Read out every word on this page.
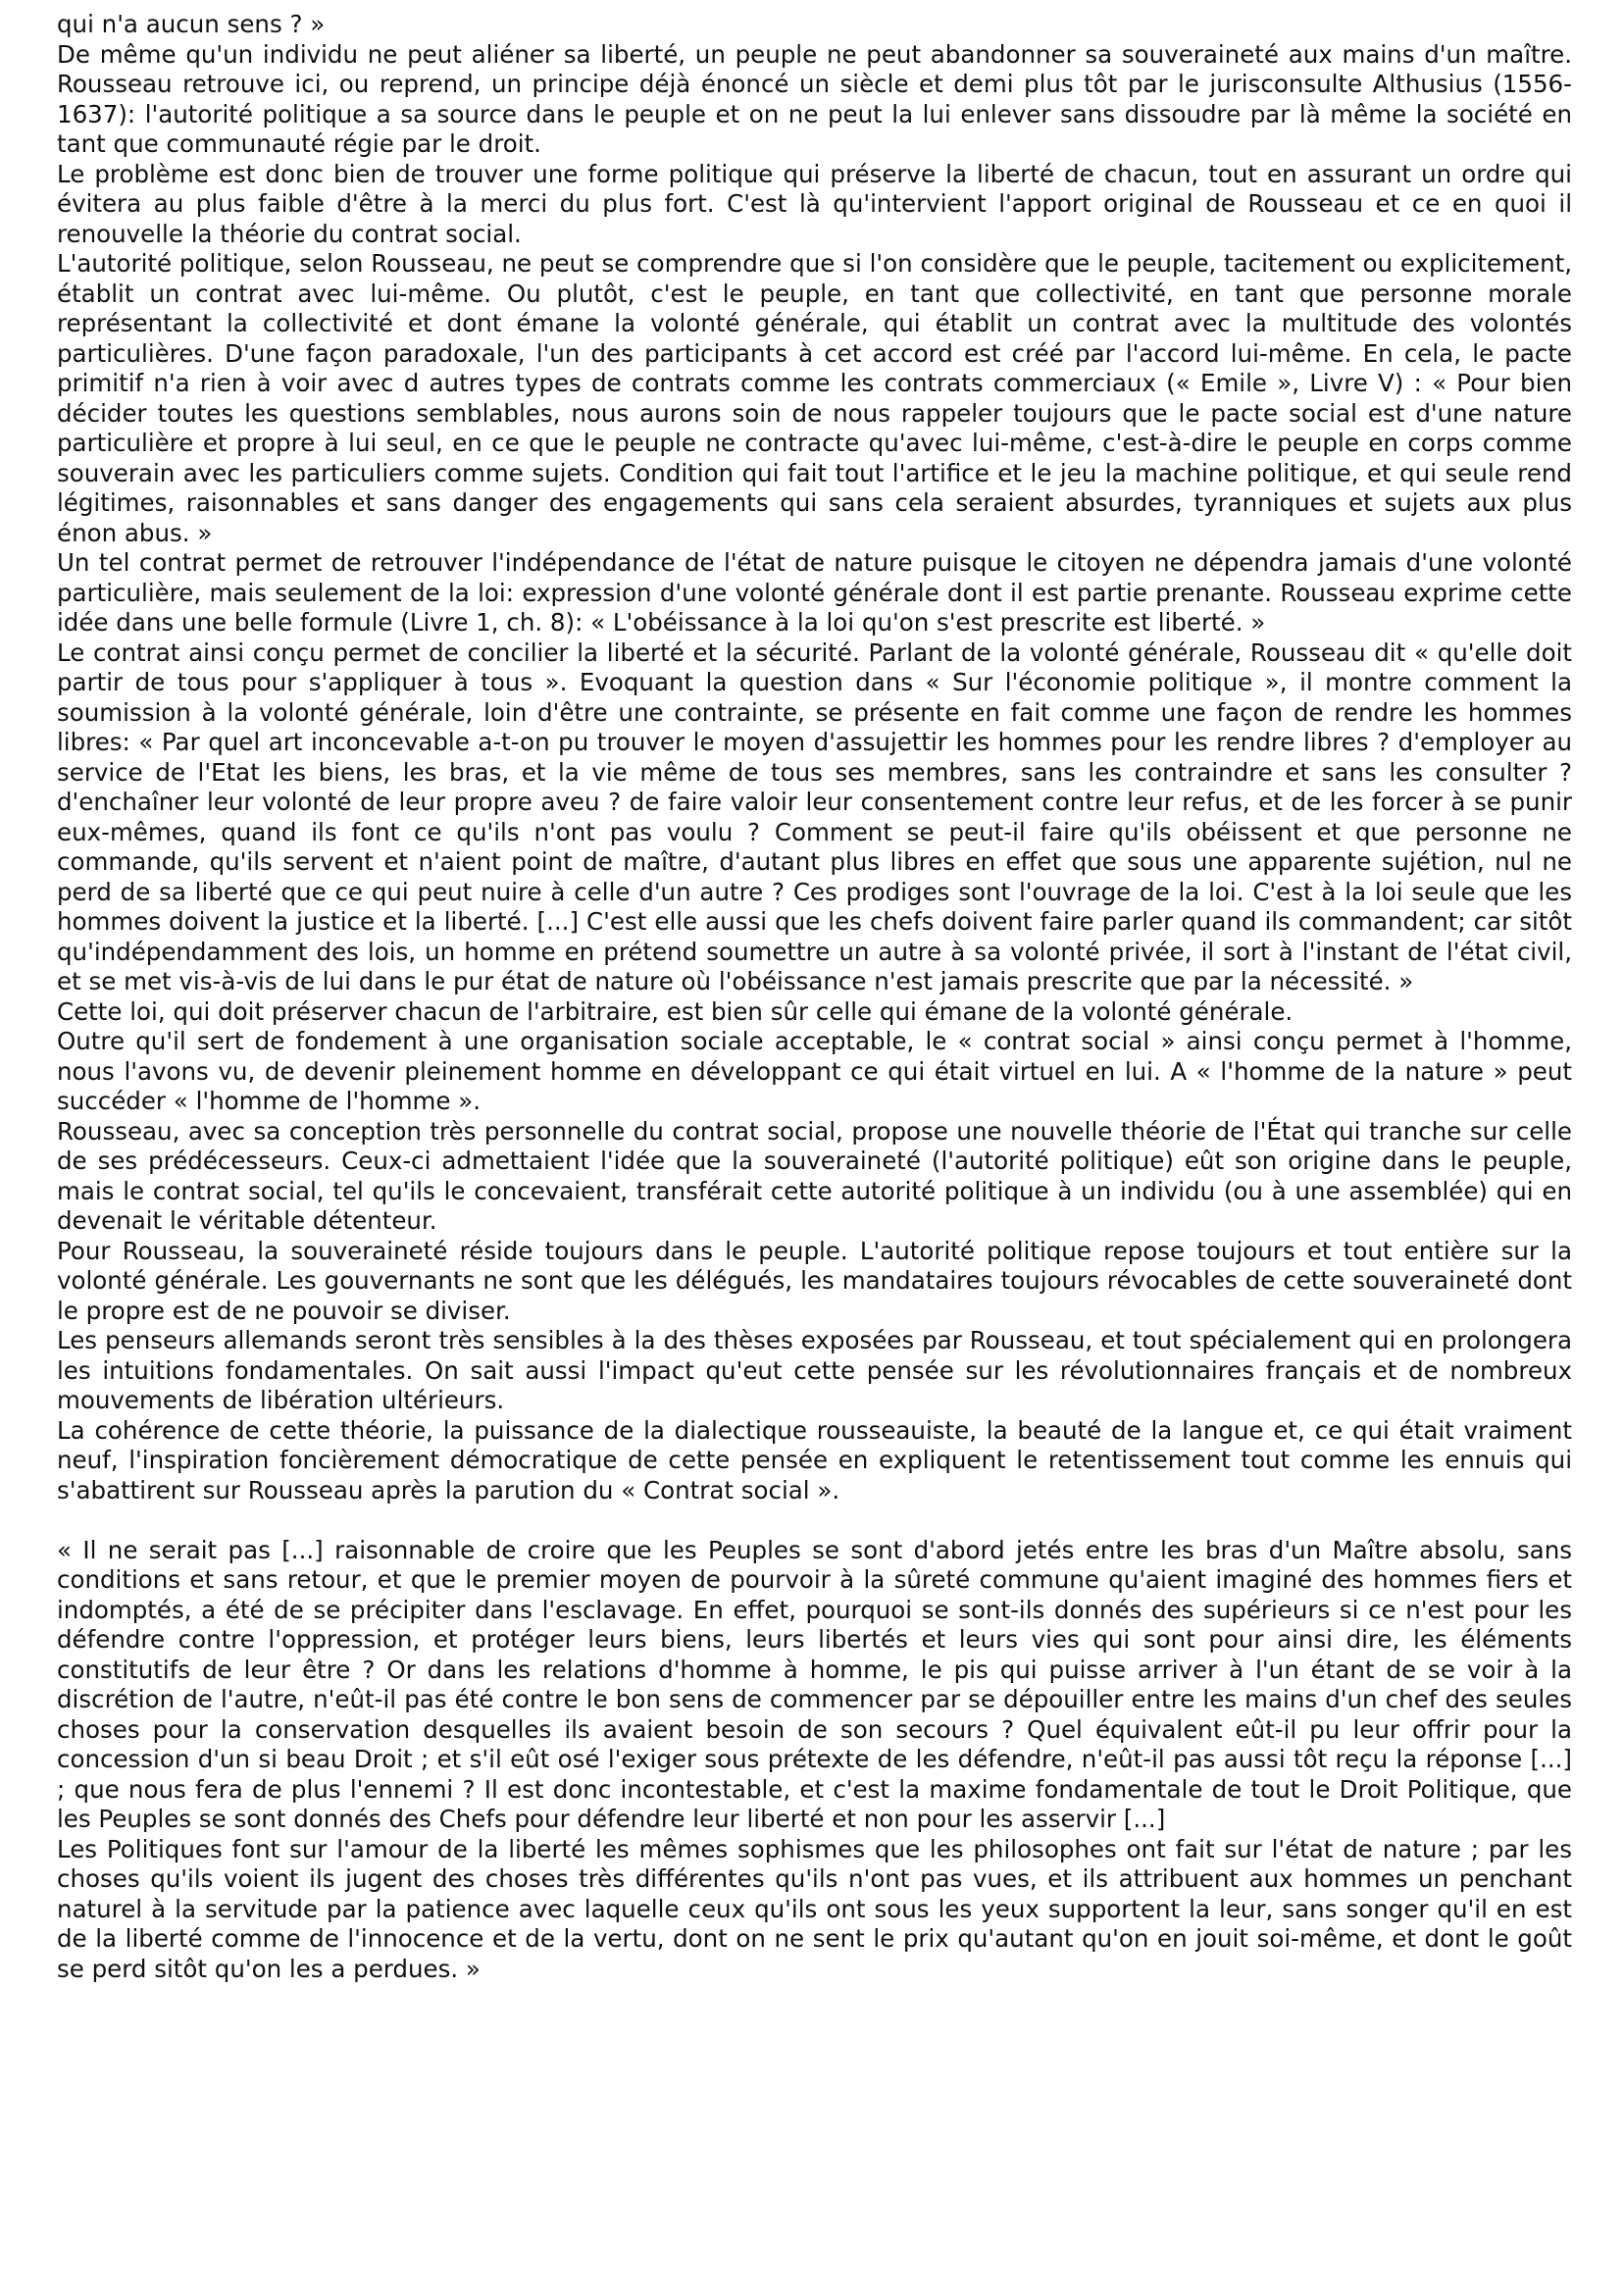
qui n'a aucun sens ? »

De même qu'un individu ne peut aliéner sa liberté, un peuple ne peut abandonner sa souveraineté aux mains d'un maître. Rousseau retrouve ici, ou reprend, un principe déjà énoncé un siècle et demi plus tôt par le jurisconsulte Althusius (1556-1637): l'autorité politique a sa source dans le peuple et on ne peut la lui enlever sans dissoudre par là même la société en tant que communauté régie par le droit.

Le problème est donc bien de trouver une forme politique qui préserve la liberté de chacun, tout en assurant un ordre qui évitera au plus faible d'être à la merci du plus fort. C'est là qu'intervient l'apport original de Rousseau et ce en quoi il renouvelle la théorie du contrat social.

L'autorité politique, selon Rousseau, ne peut se comprendre que si l'on considère que le peuple, tacitement ou explicitement, établit un contrat avec lui-même. Ou plutôt, c'est le peuple, en tant que collectivité, en tant que personne morale représentant la collectivité et dont émane la volonté générale, qui établit un contrat avec la multitude des volontés particulières. D'une façon paradoxale, l'un des participants à cet accord est créé par l'accord lui-même. En cela, le pacte primitif n'a rien à voir avec d autres types de contrats comme les contrats commerciaux (« Emile », Livre V) : « Pour bien décider toutes les questions semblables, nous aurons soin de nous rappeler toujours que le pacte social est d'une nature particulière et propre à lui seul, en ce que le peuple ne contracte qu'avec lui-même, c'est-à-dire le peuple en corps comme souverain avec les particuliers comme sujets. Condition qui fait tout l'artifice et le jeu la machine politique, et qui seule rend légitimes, raisonnables et sans danger des engagements qui sans cela seraient absurdes, tyranniques et sujets aux plus énon abus. »

Un tel contrat permet de retrouver l'indépendance de l'état de nature puisque le citoyen ne dépendra jamais d'une volonté particulière, mais seulement de la loi: expression d'une volonté générale dont il est partie prenante. Rousseau exprime cette idée dans une belle formule (Livre 1, ch. 8): « L'obéissance à la loi qu'on s'est prescrite est liberté. »

Le contrat ainsi conçu permet de concilier la liberté et la sécurité. Parlant de la volonté générale, Rousseau dit « qu'elle doit partir de tous pour s'appliquer à tous ». Evoquant la question dans « Sur l'économie politique », il montre comment la soumission à la volonté générale, loin d'être une contrainte, se présente en fait comme une façon de rendre les hommes libres: « Par quel art inconcevable a-t-on pu trouver le moyen d'assujettir les hommes pour les rendre libres ? d'employer au service de l'Etat les biens, les bras, et la vie même de tous ses membres, sans les contraindre et sans les consulter ? d'enchaîner leur volonté de leur propre aveu ? de faire valoir leur consentement contre leur refus, et de les forcer à se punir eux-mêmes, quand ils font ce qu'ils n'ont pas voulu ? Comment se peut-il faire qu'ils obéissent et que personne ne commande, qu'ils servent et n'aient point de maître, d'autant plus libres en effet que sous une apparente sujétion, nul ne perd de sa liberté que ce qui peut nuire à celle d'un autre ? Ces prodiges sont l'ouvrage de la loi. C'est à la loi seule que les hommes doivent la justice et la liberté. [...] C'est elle aussi que les chefs doivent faire parler quand ils commandent; car sitôt qu'indépendamment des lois, un homme en prétend soumettre un autre à sa volonté privée, il sort à l'instant de l'état civil, et se met vis-à-vis de lui dans le pur état de nature où l'obéissance n'est jamais prescrite que par la nécessité. »

Cette loi, qui doit préserver chacun de l'arbitraire, est bien sûr celle qui émane de la volonté générale.

Outre qu'il sert de fondement à une organisation sociale acceptable, le « contrat social » ainsi conçu permet à l'homme, nous l'avons vu, de devenir pleinement homme en développant ce qui était virtuel en lui. A « l'homme de la nature » peut succéder « l'homme de l'homme ».

Rousseau, avec sa conception très personnelle du contrat social, propose une nouvelle théorie de l'État qui tranche sur celle de ses prédécesseurs. Ceux-ci admettaient l'idée que la souveraineté (l'autorité politique) eût son origine dans le peuple, mais le contrat social, tel qu'ils le concevaient, transférait cette autorité politique à un individu (ou à une assemblée) qui en devenait le véritable détenteur.

Pour Rousseau, la souveraineté réside toujours dans le peuple. L'autorité politique repose toujours et tout entière sur la volonté générale. Les gouvernants ne sont que les délégués, les mandataires toujours révocables de cette souveraineté dont le propre est de ne pouvoir se diviser.

Les penseurs allemands seront très sensibles à la des thèses exposées par Rousseau, et tout spécialement qui en prolongera les intuitions fondamentales. On sait aussi l'impact qu'eut cette pensée sur les révolutionnaires français et de nombreux mouvements de libération ultérieurs.

La cohérence de cette théorie, la puissance de la dialectique rousseauiste, la beauté de la langue et, ce qui était vraiment neuf, l'inspiration foncièrement démocratique de cette pensée en expliquent le retentissement tout comme les ennuis qui s'abattirent sur Rousseau après la parution du « Contrat social ».

« Il ne serait pas [...] raisonnable de croire que les Peuples se sont d'abord jetés entre les bras d'un Maître absolu, sans conditions et sans retour, et que le premier moyen de pourvoir à la sûreté commune qu'aient imaginé des hommes fiers et indomptés, a été de se précipiter dans l'esclavage. En effet, pourquoi se sont-ils donnés des supérieurs si ce n'est pour les défendre contre l'oppression, et protéger leurs biens, leurs libertés et leurs vies qui sont pour ainsi dire, les éléments constitutifs de leur être ? Or dans les relations d'homme à homme, le pis qui puisse arriver à l'un étant de se voir à la discrétion de l'autre, n'eût-il pas été contre le bon sens de commencer par se dépouiller entre les mains d'un chef des seules choses pour la conservation desquelles ils avaient besoin de son secours ? Quel équivalent eût-il pu leur offrir pour la concession d'un si beau Droit ; et s'il eût osé l'exiger sous prétexte de les défendre, n'eût-il pas aussi tôt reçu la réponse [...] ; que nous fera de plus l'ennemi ? Il est donc incontestable, et c'est la maxime fondamentale de tout le Droit Politique, que les Peuples se sont donnés des Chefs pour défendre leur liberté et non pour les asservir [...]

Les Politiques font sur l'amour de la liberté les mêmes sophismes que les philosophes ont fait sur l'état de nature ; par les choses qu'ils voient ils jugent des choses très différentes qu'ils n'ont pas vues, et ils attribuent aux hommes un penchant naturel à la servitude par la patience avec laquelle ceux qu'ils ont sous les yeux supportent la leur, sans songer qu'il en est de la liberté comme de l'innocence et de la vertu, dont on ne sent le prix qu'autant qu'on en jouit soi-même, et dont le goût se perd sitôt qu'on les a perdues. »
